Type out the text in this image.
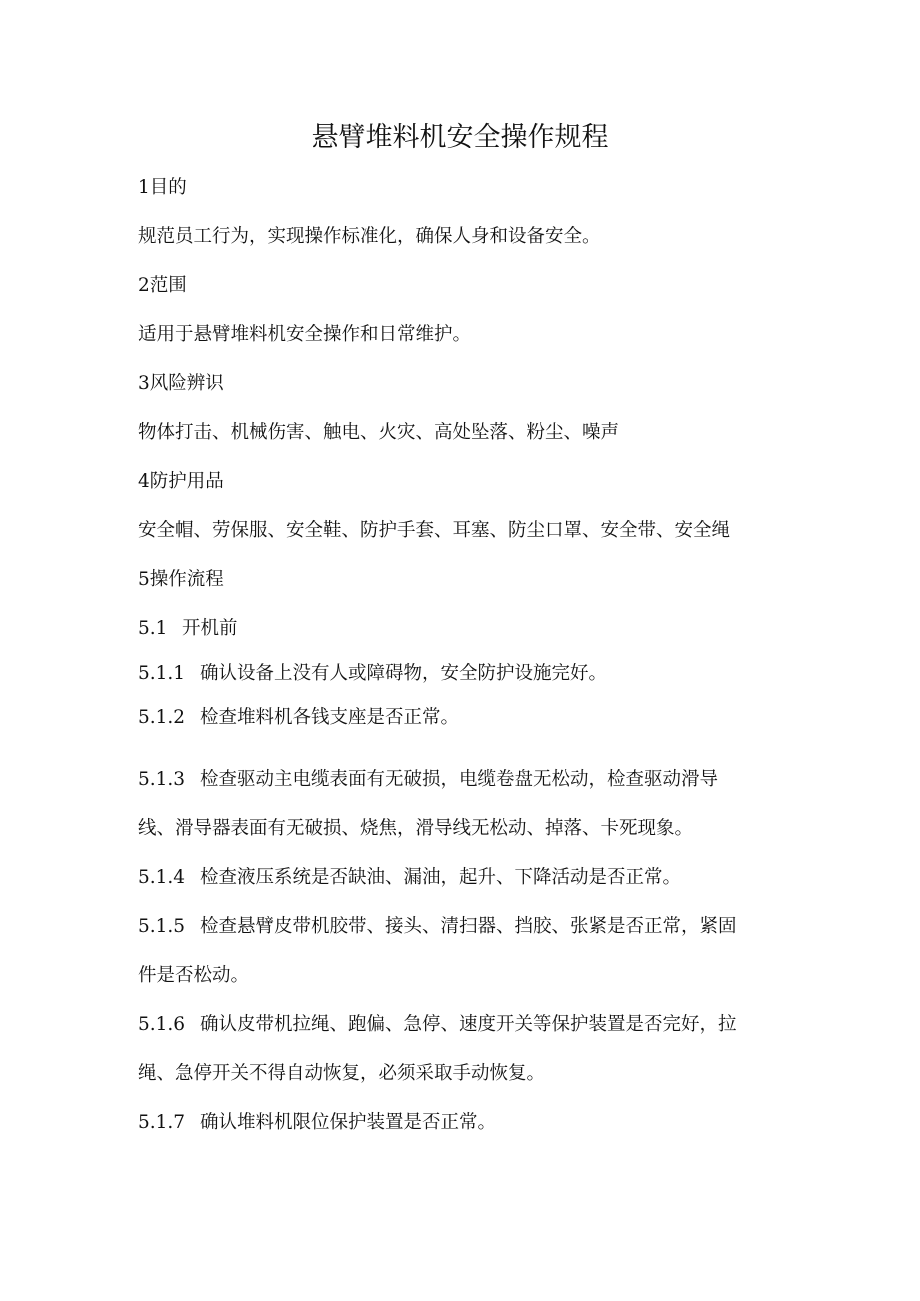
悬臂堆料机安全操作规程
1目的
规范员工行为，实现操作标准化，确保人身和设备安全。
2范围
适用于悬臂堆料机安全操作和日常维护。
3风险辨识
物体打击、机械伤害、触电、火灾、高处坠落、粉尘、噪声
4防护用品
安全帽、劳保服、安全鞋、防护手套、耳塞、防尘口罩、安全带、安全绳
5操作流程
5.1 开机前
5.1.1 确认设备上没有人或障碍物，安全防护设施完好。
5.1.2 检查堆料机各钱支座是否正常。
5.1.3 检查驱动主电缆表面有无破损，电缆卷盘无松动，检查驱动滑导
线、滑导器表面有无破损、烧焦，滑导线无松动、掉落、卡死现象。
5.1.4 检查液压系统是否缺油、漏油，起升、下降活动是否正常。
5.1.5 检查悬臂皮带机胶带、接头、清扫器、挡胶、张紧是否正常，紧固
件是否松动。
5.1.6 确认皮带机拉绳、跑偏、急停、速度开关等保护装置是否完好，拉
绳、急停开关不得自动恢复，必须采取手动恢复。
5.1.7 确认堆料机限位保护装置是否正常。
